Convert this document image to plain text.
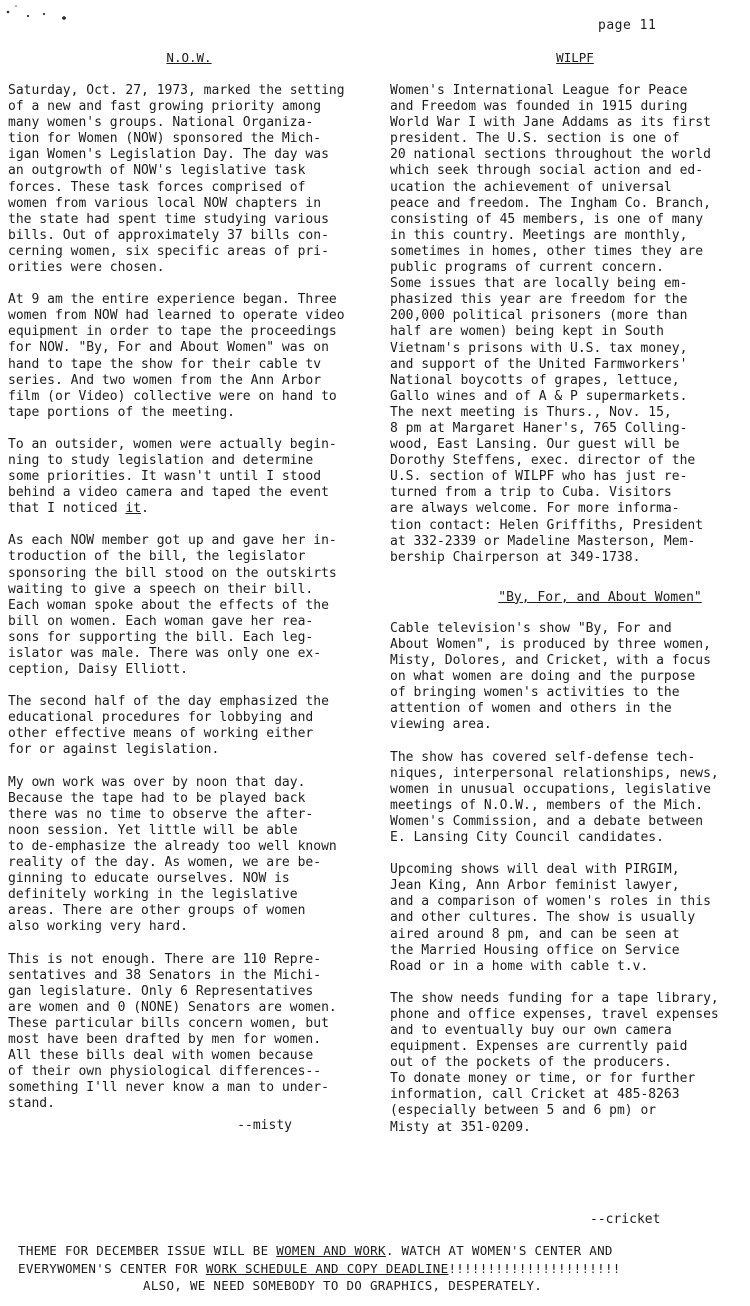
page 11
N.O.W.

Saturday, Oct. 27, 1973, marked the setting
of a new and fast growing priority among
many women's groups. National Organiza-
tion for Women (NOW) sponsored the Mich-
igan Women's Legislation Day. The day was
an outgrowth of NOW's legislative task
forces. These task forces comprised of
women from various local NOW chapters in
the state had spent time studying various
bills. Out of approximately 37 bills con-
cerning women, six specific areas of pri-
orities were chosen.

At 9 am the entire experience began. Three
women from NOW had learned to operate video
equipment in order to tape the proceedings
for NOW. "By, For and About Women" was on
hand to tape the show for their cable tv
series. And two women from the Ann Arbor
film (or Video) collective were on hand to
tape portions of the meeting.

To an outsider, women were actually begin-
ning to study legislation and determine
some priorities. It wasn't until I stood
behind a video camera and taped the event
that I noticed it.

As each NOW member got up and gave her in-
troduction of the bill, the legislator
sponsoring the bill stood on the outskirts
waiting to give a speech on their bill.
Each woman spoke about the effects of the
bill on women. Each woman gave her rea-
sons for supporting the bill. Each leg-
islator was male. There was only one ex-
ception, Daisy Elliott.

The second half of the day emphasized the
educational procedures for lobbying and
other effective means of working either
for or against legislation.

My own work was over by noon that day.
Because the tape had to be played back
there was no time to observe the after-
noon session. Yet little will be able
to de-emphasize the already too well known
reality of the day. As women, we are be-
ginning to educate ourselves. NOW is
definitely working in the legislative
areas. There are other groups of women
also working very hard.

This is not enough. There are 110 Repre-
sentatives and 38 Senators in the Michi-
gan legislature. Only 6 Representatives
are women and 0 (NONE) Senators are women.
These particular bills concern women, but
most have been drafted by men for women.
All these bills deal with women because
of their own physiological differences--
something I'll never know a man to under-
stand.

--misty
WILPF

Women's International League for Peace
and Freedom was founded in 1915 during
World War I with Jane Addams as its first
president. The U.S. section is one of
20 national sections throughout the world
which seek through social action and ed-
ucation the achievement of universal
peace and freedom. The Ingham Co. Branch,
consisting of 45 members, is one of many
in this country. Meetings are monthly,
sometimes in homes, other times they are
public programs of current concern.
Some issues that are locally being em-
phasized this year are freedom for the
200,000 political prisoners (more than
half are women) being kept in South
Vietnam's prisons with U.S. tax money,
and support of the United Farmworkers'
National boycotts of grapes, lettuce,
Gallo wines and of A & P supermarkets.
The next meeting is Thurs., Nov. 15,
8 pm at Margaret Haner's, 765 Colling-
wood, East Lansing. Our guest will be
Dorothy Steffens, exec. director of the
U.S. section of WILPF who has just re-
turned from a trip to Cuba. Visitors
are always welcome. For more informa-
tion contact: Helen Griffiths, President
at 332-2339 or Madeline Masterson, Mem-
bership Chairperson at 349-1738.

"By, For, and About Women"

Cable television's show "By, For and
About Women", is produced by three women,
Misty, Dolores, and Cricket, with a focus
on what women are doing and the purpose
of bringing women's activities to the
attention of women and others in the
viewing area.

The show has covered self-defense tech-
niques, interpersonal relationships, news,
women in unusual occupations, legislative
meetings of N.O.W., members of the Mich.
Women's Commission, and a debate between
E. Lansing City Council candidates.

Upcoming shows will deal with PIRGIM,
Jean King, Ann Arbor feminist lawyer,
and a comparison of women's roles in this
and other cultures. The show is usually
aired around 8 pm, and can be seen at
the Married Housing office on Service
Road or in a home with cable t.v.

The show needs funding for a tape library,
phone and office expenses, travel expenses
and to eventually buy our own camera
equipment. Expenses are currently paid
out of the pockets of the producers.
To donate money or time, or for further
information, call Cricket at 485-8263
(especially between 5 and 6 pm) or
Misty at 351-0209.

--cricket
THEME FOR DECEMBER ISSUE WILL BE WOMEN AND WORK. WATCH AT WOMEN'S CENTER AND
EVERYWOMEN'S CENTER FOR WORK SCHEDULE AND COPY DEADLINE!!!!!!!!!!!!!!!!!!!!!!
ALSO, WE NEED SOMEBODY TO DO GRAPHICS, DESPERATELY.
